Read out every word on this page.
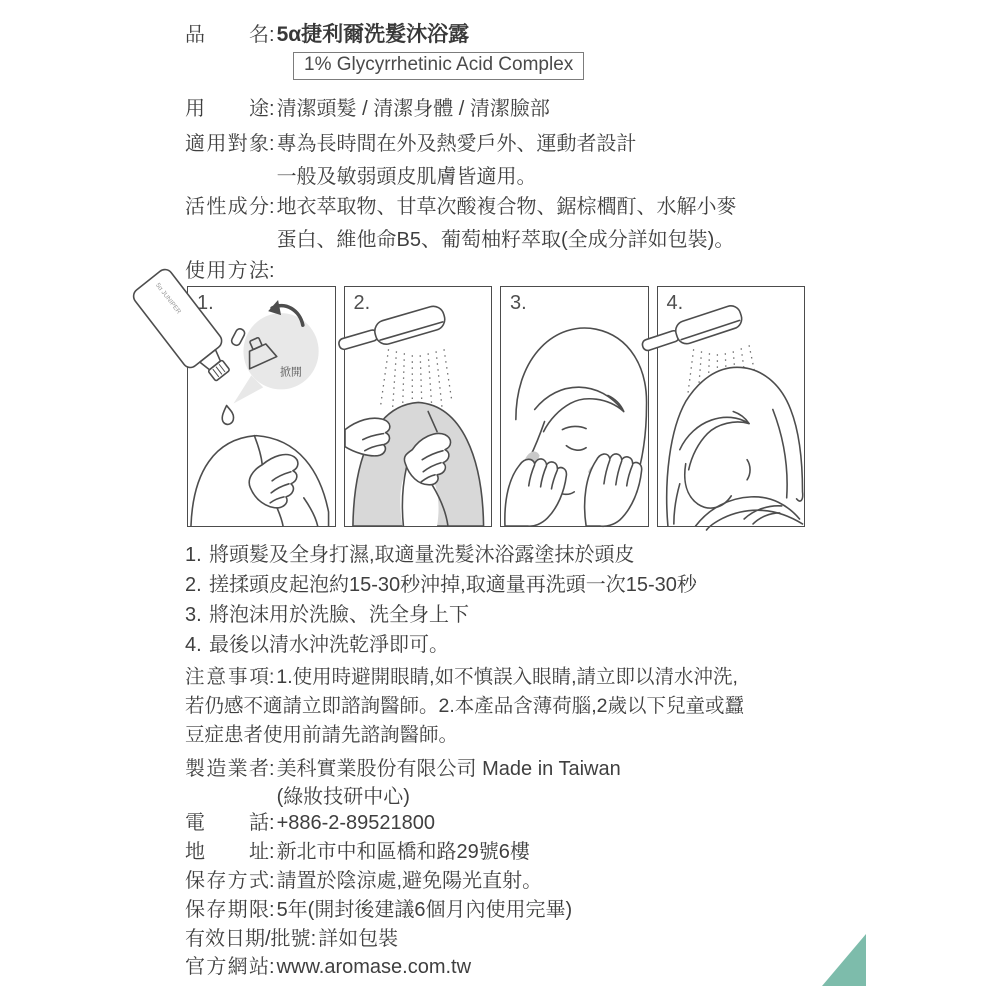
品名 : 5α捷利爾洗髮沐浴露
1% Glycyrrhetinic Acid Complex
用途 : 清潔頭髮 / 清潔身體 / 清潔臉部
適用對象 : 專為長時間在外及熱愛戶外、運動者設計
一般及敏弱頭皮肌膚皆適用。
活性成分 : 地衣萃取物、甘草次酸複合物、鋸棕櫚酊、水解小麥
蛋白、維他命B5、葡萄柚籽萃取(全成分詳如包裝)。
使用方法 :
1.
掀開
5α JUNIPER	2.	3.	4.
1. 將頭髮及全身打濕,取適量洗髮沐浴露塗抹於頭皮
2. 搓揉頭皮起泡約15-30秒沖掉,取適量再洗頭一次15-30秒
3. 將泡沫用於洗臉、洗全身上下
4. 最後以清水沖洗乾淨即可。
注意事項 : 1.使用時避開眼睛,如不慎誤入眼睛,請立即以清水沖洗,
若仍感不適請立即諮詢醫師。2.本產品含薄荷腦,2歲以下兒童或蠶
豆症患者使用前請先諮詢醫師。
製造業者 : 美科實業股份有限公司 Made in Taiwan
(綠妝技研中心)
電話 : +886-2-89521800
地址 : 新北市中和區橋和路29號6樓
保存方式 : 請置於陰涼處,避免陽光直射。
保存期限 : 5年(開封後建議6個月內使用完畢)
有效日期/批號 : 詳如包裝
官方網站 : www.aromase.com.tw
